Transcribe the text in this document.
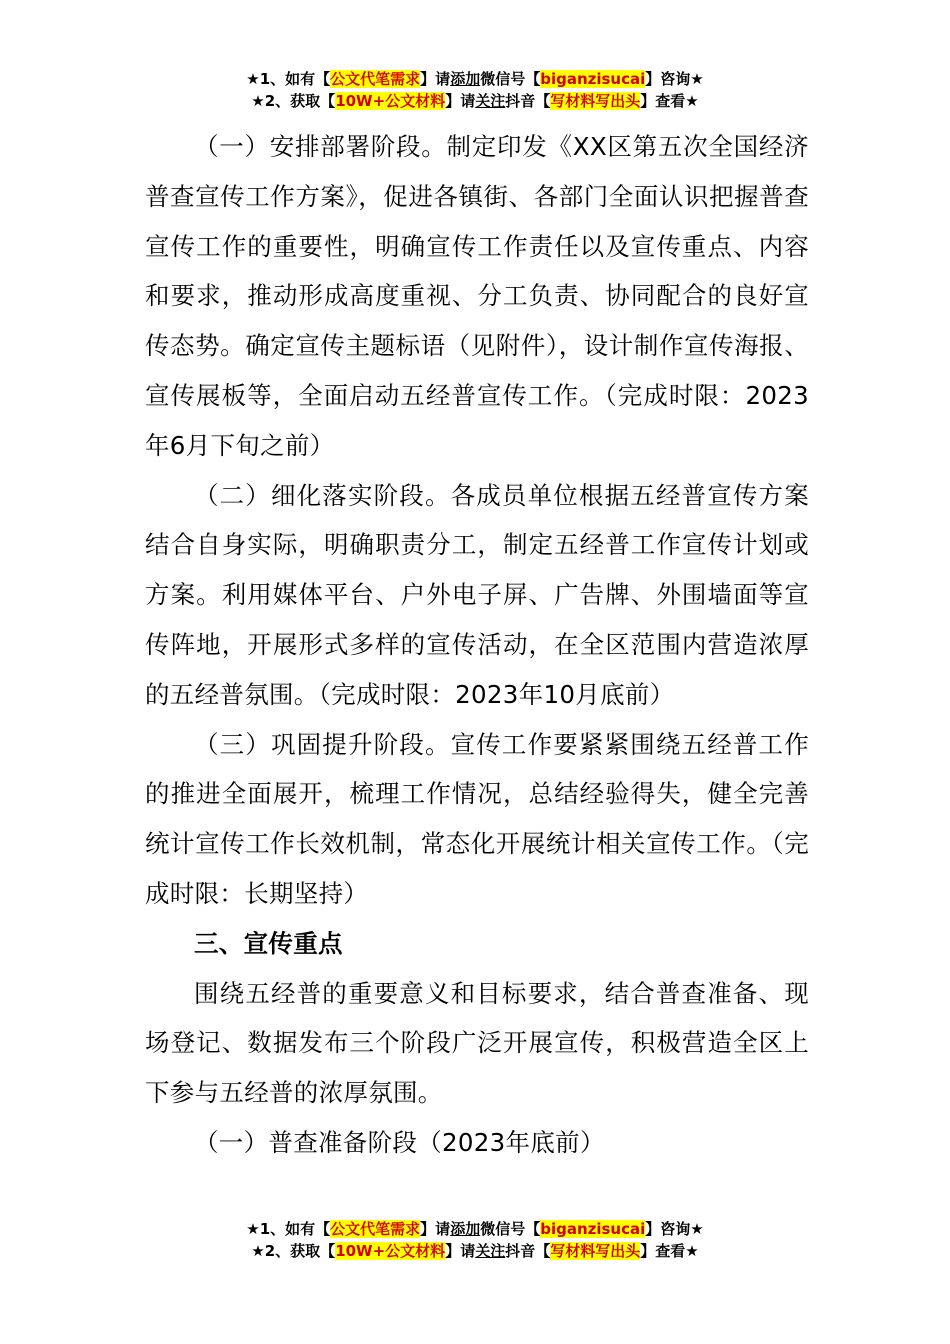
★1、如有【公文代笔需求】请添加微信号【biganzisucai】咨询★
★2、获取【10W+公文材料】请关注抖音【写材料写出头】查看★

（一）安排部署阶段。制定印发《XX区第五次全国经济普查宣传工作方案》，促进各镇街、各部门全面认识把握普查宣传工作的重要性，明确宣传工作责任以及宣传重点、内容和要求，推动形成高度重视、分工负责、协同配合的良好宣传态势。确定宣传主题标语（见附件），设计制作宣传海报、宣传展板等，全面启动五经普宣传工作。（完成时限：2023年6月下旬之前）

（二）细化落实阶段。各成员单位根据五经普宣传方案结合自身实际，明确职责分工，制定五经普工作宣传计划或方案。利用媒体平台、户外电子屏、广告牌、外围墙面等宣传阵地，开展形式多样的宣传活动，在全区范围内营造浓厚的五经普氛围。（完成时限：2023年10月底前）

（三）巩固提升阶段。宣传工作要紧紧围绕五经普工作的推进全面展开，梳理工作情况，总结经验得失，健全完善统计宣传工作长效机制，常态化开展统计相关宣传工作。（完成时限：长期坚持）

三、宣传重点

围绕五经普的重要意义和目标要求，结合普查准备、现场登记、数据发布三个阶段广泛开展宣传，积极营造全区上下参与五经普的浓厚氛围。

（一）普查准备阶段（2023年底前）

★1、如有【公文代笔需求】请添加微信号【biganzisucai】咨询★
★2、获取【10W+公文材料】请关注抖音【写材料写出头】查看★
